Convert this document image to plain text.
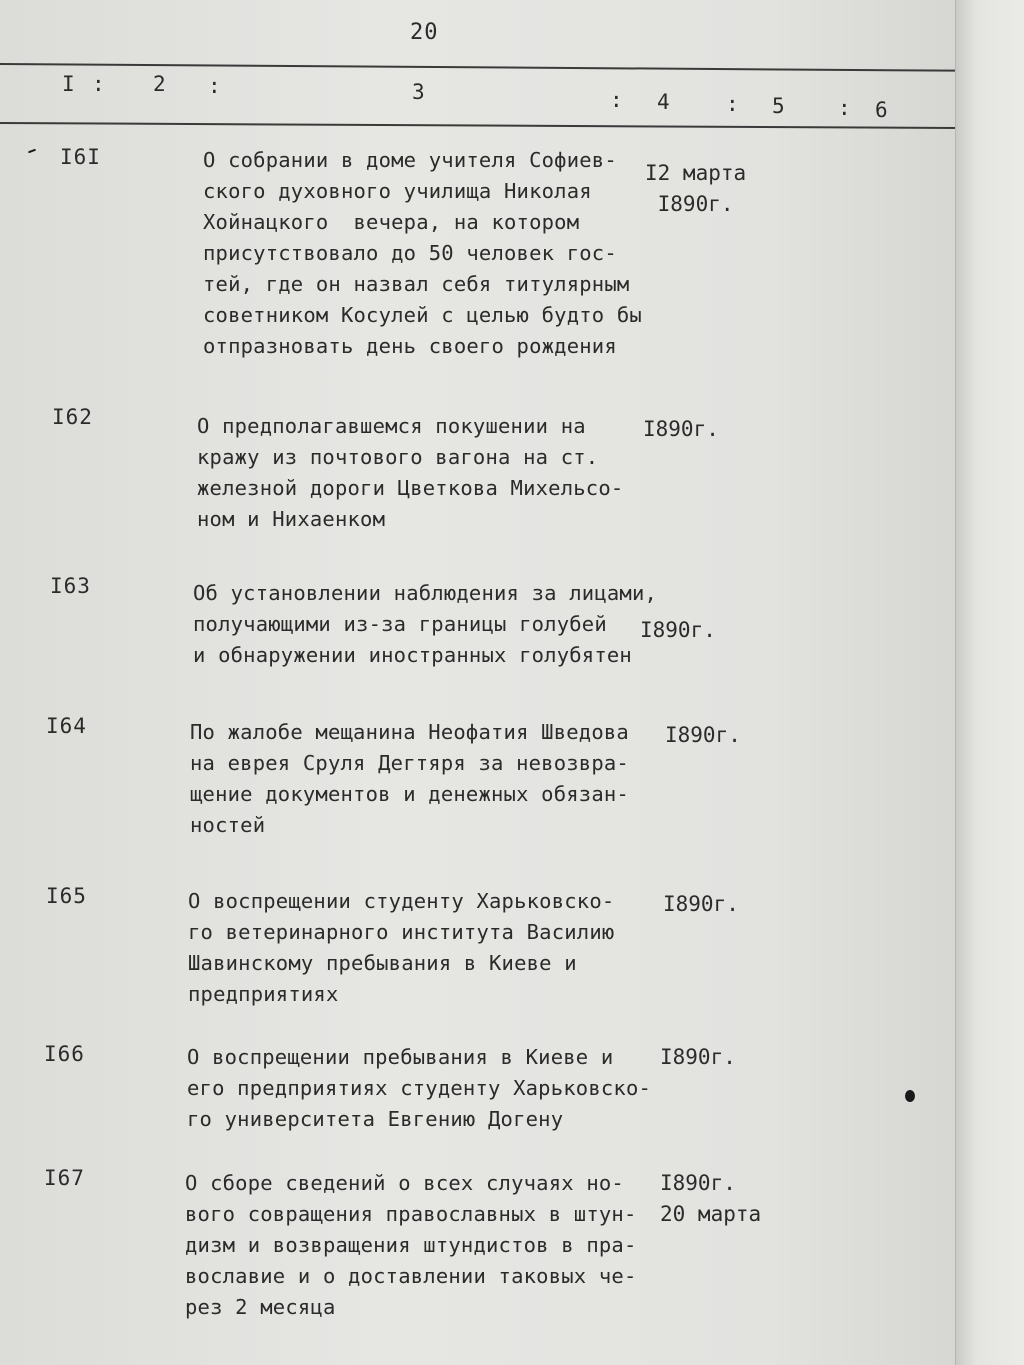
20
I : 2 :	3	: 4	: 5	: 6
I6I	О собрании в доме учителя Софиев-
ского духовного училища Николая
Хойнацкого  вечера, на котором
присутствовало до 50 человек гос-
тей, где он назвал себя титулярным
советником Косулей с целью будто бы
отпразновать день своего рождения
I2 марта
I890г.
I62	О предполагавшемся покушении на
кражу из почтового вагона на ст.
железной дороги Цветкова Михельсо-
ном и Нихаенком
I890г.
I63	Об установлении наблюдения за лицами,
получающими из-за границы голубей
и обнаружении иностранных голубятен
I890г.
I64	По жалобе мещанина Неофатия Шведова
на еврея Сруля Дегтяря за невозвра-
щение документов и денежных обязан-
ностей
I890г.
I65	О воспрещении студенту Харьковско-
го ветеринарного института Василию
Шавинскому пребывания в Киеве и
предприятиях
I890г.
I66	О воспрещении пребывания в Киеве и
его предприятиях студенту Харьковско-
го университета Евгению Догену
I890г.
I67	О сборе сведений о всех случаях но-
вого совращения православных в штун-
дизм и возвращения штундистов в пра-
вославие и о доставлении таковых че-
рез 2 месяца
I890г.
20 марта
